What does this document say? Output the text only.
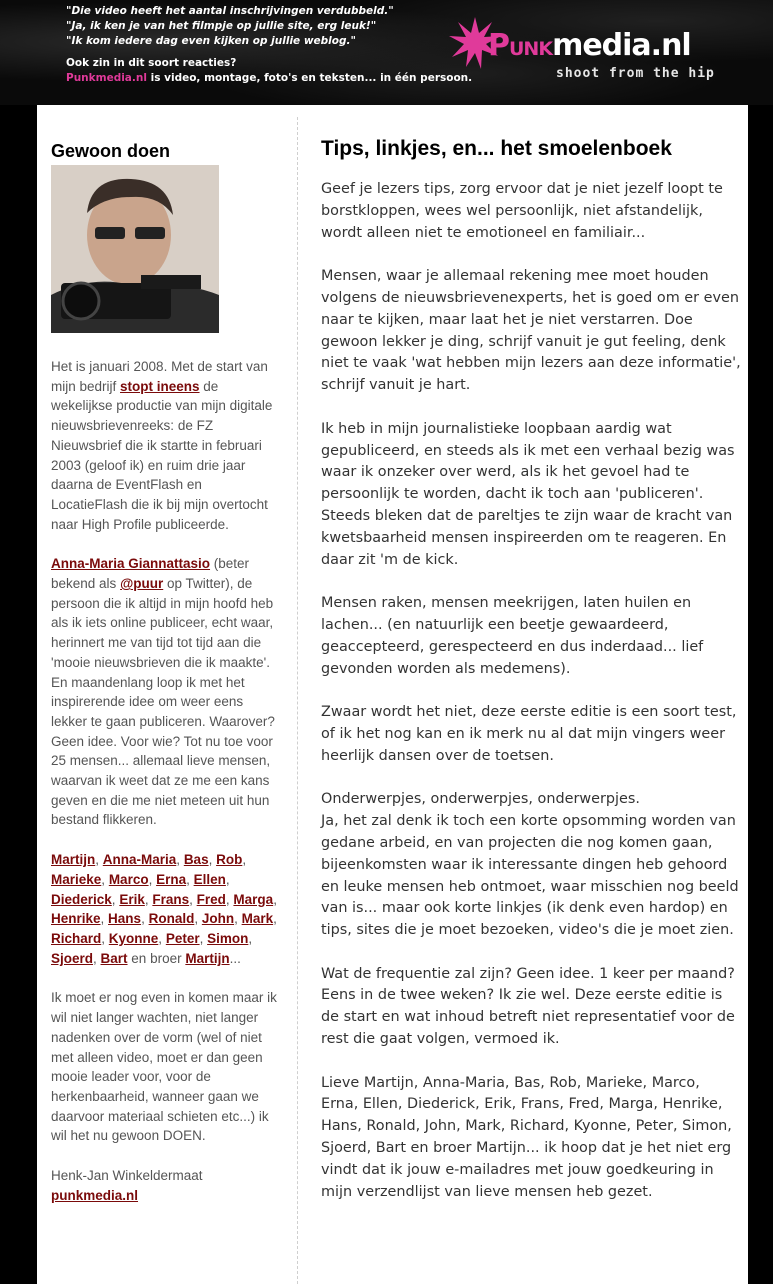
"Die video heeft het aantal inschrijvingen verdubbeld."
"Ja, ik ken je van het filmpje op jullie site, erg leuk!"
"Ik kom iedere dag even kijken op jullie weblog."
Ook zin in dit soort reacties?
Punkmedia.nl is video, montage, foto's en teksten... in één persoon.
PUNKmedia.nl
shoot from the hip
Gewoon doen

Het is januari 2008. Met de start van mijn bedrijf stopt ineens de wekelijkse productie van mijn digitale nieuwsbrievenreeks: de FZ Nieuwsbrief die ik startte in februari 2003 (geloof ik) en ruim drie jaar daarna de EventFlash en LocatieFlash die ik bij mijn overtocht naar High Profile publiceerde.

Anna-Maria Giannattasio (beter bekend als @puur op Twitter), de persoon die ik altijd in mijn hoofd heb als ik iets online publiceer, echt waar, herinnert me van tijd tot tijd aan die 'mooie nieuwsbrieven die ik maakte'. En maandenlang loop ik met het inspirerende idee om weer eens lekker te gaan publiceren. Waarover? Geen idee. Voor wie? Tot nu toe voor 25 mensen... allemaal lieve mensen, waarvan ik weet dat ze me een kans geven en die me niet meteen uit hun bestand flikkeren.

Martijn, Anna-Maria, Bas, Rob, Marieke, Marco, Erna, Ellen, Diederick, Erik, Frans, Fred, Marga, Henrike, Hans, Ronald, John, Mark, Richard, Kyonne, Peter, Simon, Sjoerd, Bart en broer Martijn...

Ik moet er nog even in komen maar ik wil niet langer wachten, niet langer nadenken over de vorm (wel of niet met alleen video, moet er dan geen mooie leader voor, voor de herkenbaarheid, wanneer gaan we daarvoor materiaal schieten etc...) ik wil het nu gewoon DOEN.

Henk-Jan Winkeldermaat
punkmedia.nl

Tips, linkjes, en... het smoelenboek

Geef je lezers tips, zorg ervoor dat je niet jezelf loopt te borstkloppen, wees wel persoonlijk, niet afstandelijk, wordt alleen niet te emotioneel en familiair...

Mensen, waar je allemaal rekening mee moet houden volgens de nieuwsbrievenexperts, het is goed om er even naar te kijken, maar laat het je niet verstarren. Doe gewoon lekker je ding, schrijf vanuit je gut feeling, denk niet te vaak 'wat hebben mijn lezers aan deze informatie', schrijf vanuit je hart.

Ik heb in mijn journalistieke loopbaan aardig wat gepubliceerd, en steeds als ik met een verhaal bezig was waar ik onzeker over werd, als ik het gevoel had te persoonlijk te worden, dacht ik toch aan 'publiceren'. Steeds bleken dat de pareltjes te zijn waar de kracht van kwetsbaarheid mensen inspireerden om te reageren. En daar zit 'm de kick.

Mensen raken, mensen meekrijgen, laten huilen en lachen... (en natuurlijk een beetje gewaardeerd, geaccepteerd, gerespecteerd en dus inderdaad... lief gevonden worden als medemens).

Zwaar wordt het niet, deze eerste editie is een soort test, of ik het nog kan en ik merk nu al dat mijn vingers weer heerlijk dansen over de toetsen.

Onderwerpjes, onderwerpjes, onderwerpjes.
Ja, het zal denk ik toch een korte opsomming worden van gedane arbeid, en van projecten die nog komen gaan, bijeenkomsten waar ik interessante dingen heb gehoord en leuke mensen heb ontmoet, waar misschien nog beeld van is... maar ook korte linkjes (ik denk even hardop) en tips, sites die je moet bezoeken, video's die je moet zien.

Wat de frequentie zal zijn? Geen idee. 1 keer per maand? Eens in de twee weken? Ik zie wel. Deze eerste editie is de start en wat inhoud betreft niet representatief voor de rest die gaat volgen, vermoed ik.

Lieve Martijn, Anna-Maria, Bas, Rob, Marieke, Marco, Erna, Ellen, Diederick, Erik, Frans, Fred, Marga, Henrike, Hans, Ronald, John, Mark, Richard, Kyonne, Peter, Simon, Sjoerd, Bart en broer Martijn... ik hoop dat je het niet erg vindt dat ik jouw e-mailadres met jouw goedkeuring in mijn verzendlijst van lieve mensen heb gezet.
